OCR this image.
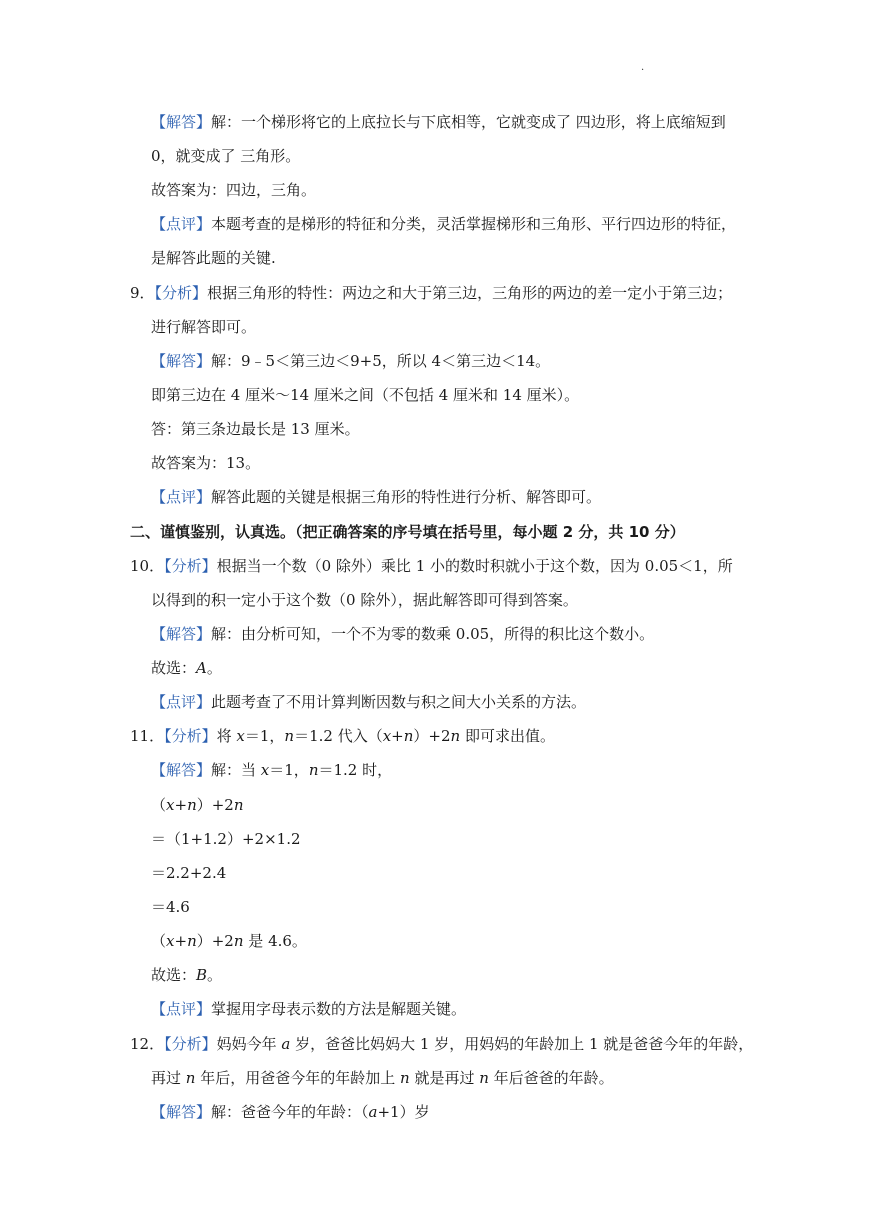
.
【解答】解：一个梯形将它的上底拉长与下底相等，它就变成了 四边形，将上底缩短到
0，就变成了 三角形。
故答案为：四边，三角。
【点评】本题考查的是梯形的特征和分类，灵活掌握梯形和三角形、平行四边形的特征，
是解答此题的关键.
9．【分析】根据三角形的特性：两边之和大于第三边，三角形的两边的差一定小于第三边；
进行解答即可。
【解答】解：9﹣5＜第三边＜9+5，所以 4＜第三边＜14。
即第三边在 4 厘米～14 厘米之间（不包括 4 厘米和 14 厘米）。
答：第三条边最长是 13 厘米。
故答案为：13。
【点评】解答此题的关键是根据三角形的特性进行分析、解答即可。
二、谨慎鉴别，认真选。（把正确答案的序号填在括号里，每小题 2 分，共 10 分）
10．【分析】根据当一个数（0 除外）乘比 1 小的数时积就小于这个数，因为 0.05＜1，所
以得到的积一定小于这个数（0 除外），据此解答即可得到答案。
【解答】解：由分析可知，一个不为零的数乘 0.05，所得的积比这个数小。
故选：A。
【点评】此题考查了不用计算判断因数与积之间大小关系的方法。
11．【分析】将 x＝1，n＝1.2 代入（x+n）+2n 即可求出值。
【解答】解：当 x＝1，n＝1.2 时，
（x+n）+2n
＝（1+1.2）+2×1.2
＝2.2+2.4
＝4.6
（x+n）+2n 是 4.6。
故选：B。
【点评】掌握用字母表示数的方法是解题关键。
12．【分析】妈妈今年 a 岁，爸爸比妈妈大 1 岁，用妈妈的年龄加上 1 就是爸爸今年的年龄，
再过 n 年后，用爸爸今年的年龄加上 n 就是再过 n 年后爸爸的年龄。
【解答】解：爸爸今年的年龄：（a+1）岁
